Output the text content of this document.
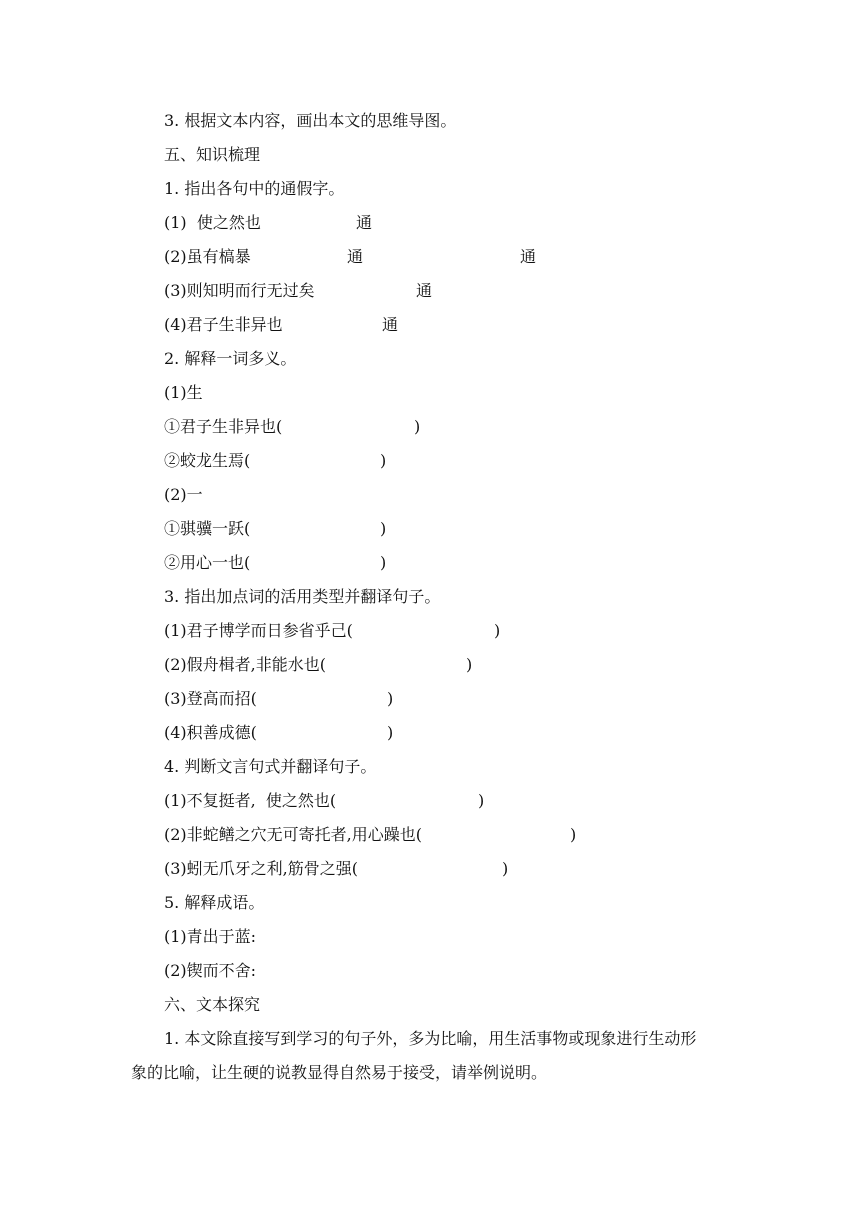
3. 根据文本内容，画出本文的思维导图。
五、知识梳理
1. 指出各句中的通假字。
(1)  使之然也	通
(2)虽有槁暴	通	通
(3)则知明而行无过矣	通
(4)君子生非异也	通
2. 解释一词多义。
(1)生
①君子生非异也(	)
②蛟龙生焉(	)
(2)一
①骐骥一跃(	)
②用心一也(	)
3. 指出加点词的活用类型并翻译句子。
(1)君子博学而日参省乎己(	)
(2)假舟楫者,非能水也(	)
(3)登高而招(	)
(4)积善成德(	)
4. 判断文言句式并翻译句子。
(1)不复挺者,  使之然也(	)
(2)非蛇鳝之穴无可寄托者,用心躁也(	)
(3)蚓无爪牙之利,筋骨之强(	)
5. 解释成语。
(1)青出于蓝:
(2)锲而不舍:
六、文本探究
1. 本文除直接写到学习的句子外，多为比喻，用生活事物或现象进行生动形
象的比喻，让生硬的说教显得自然易于接受，请举例说明。
